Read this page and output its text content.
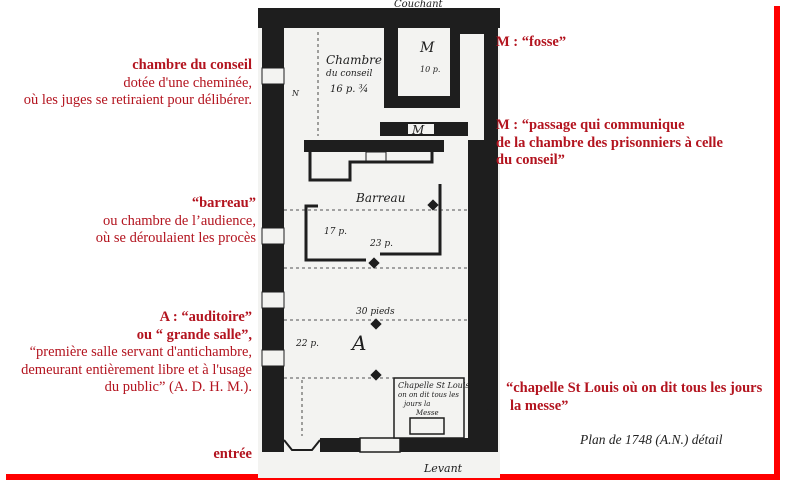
Couchant
Chambre
du conseil
16 p. ¾
M
10 p.
M
Barreau
23 p.
17 p.
30 pieds
22 p. A
Chapelle St Louis
on on dit tous les
jours la
Messe
Levant
N
D
chambre du conseil
dotée d'une cheminée,
où les juges se retiraient pour délibérer.
“barreau”
ou chambre de l’audience,
où se déroulaient les procès
A : “auditoire”
ou “ grande salle”,
“première salle servant d'antichambre,
demeurant entièrement libre et à l'usage
du public” (A. D. H. M.).
entrée
M : “fosse”
M : “passage qui communique
de la chambre des prisonniers à celle
du conseil”
“chapelle St Louis où on dit tous les jours
la messe”
Plan de 1748 (A.N.) détail
